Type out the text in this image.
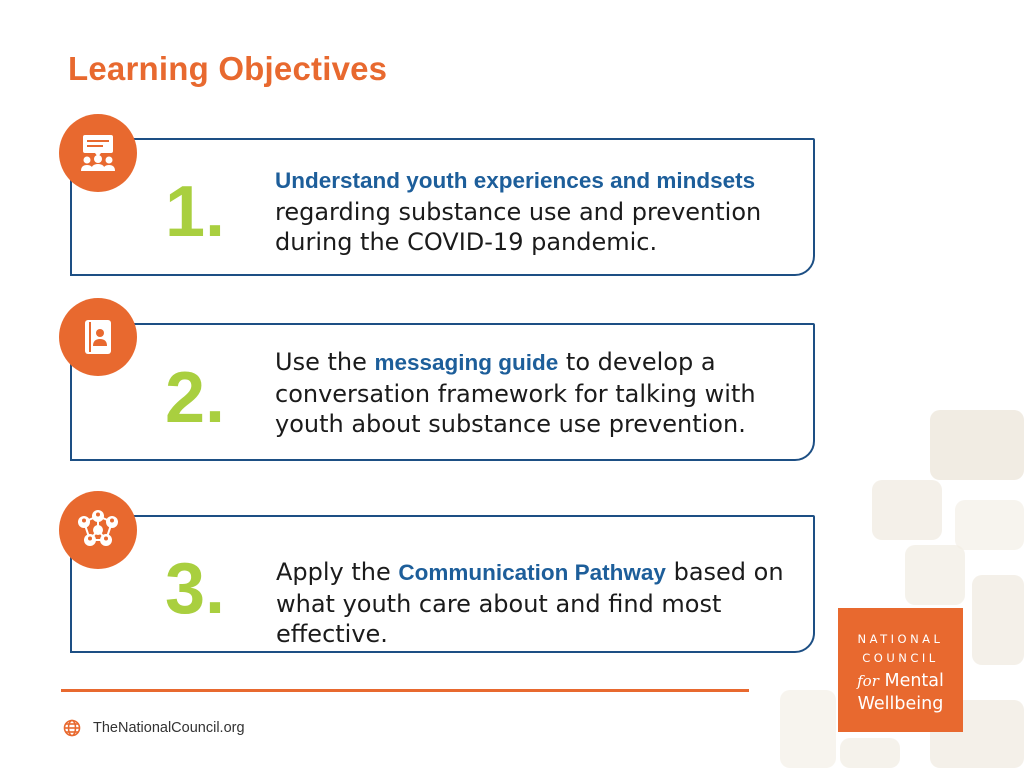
Learning Objectives
1. Understand youth experiences and mindsets
regarding substance use and prevention during the COVID-19 pandemic.
2. Use the messaging guide to develop a conversation framework for talking with youth about substance use prevention.
3. Apply the Communication Pathway based on what youth care about and find most effective.
TheNationalCouncil.org
NATIONAL
COUNCIL
for Mental
Wellbeing
